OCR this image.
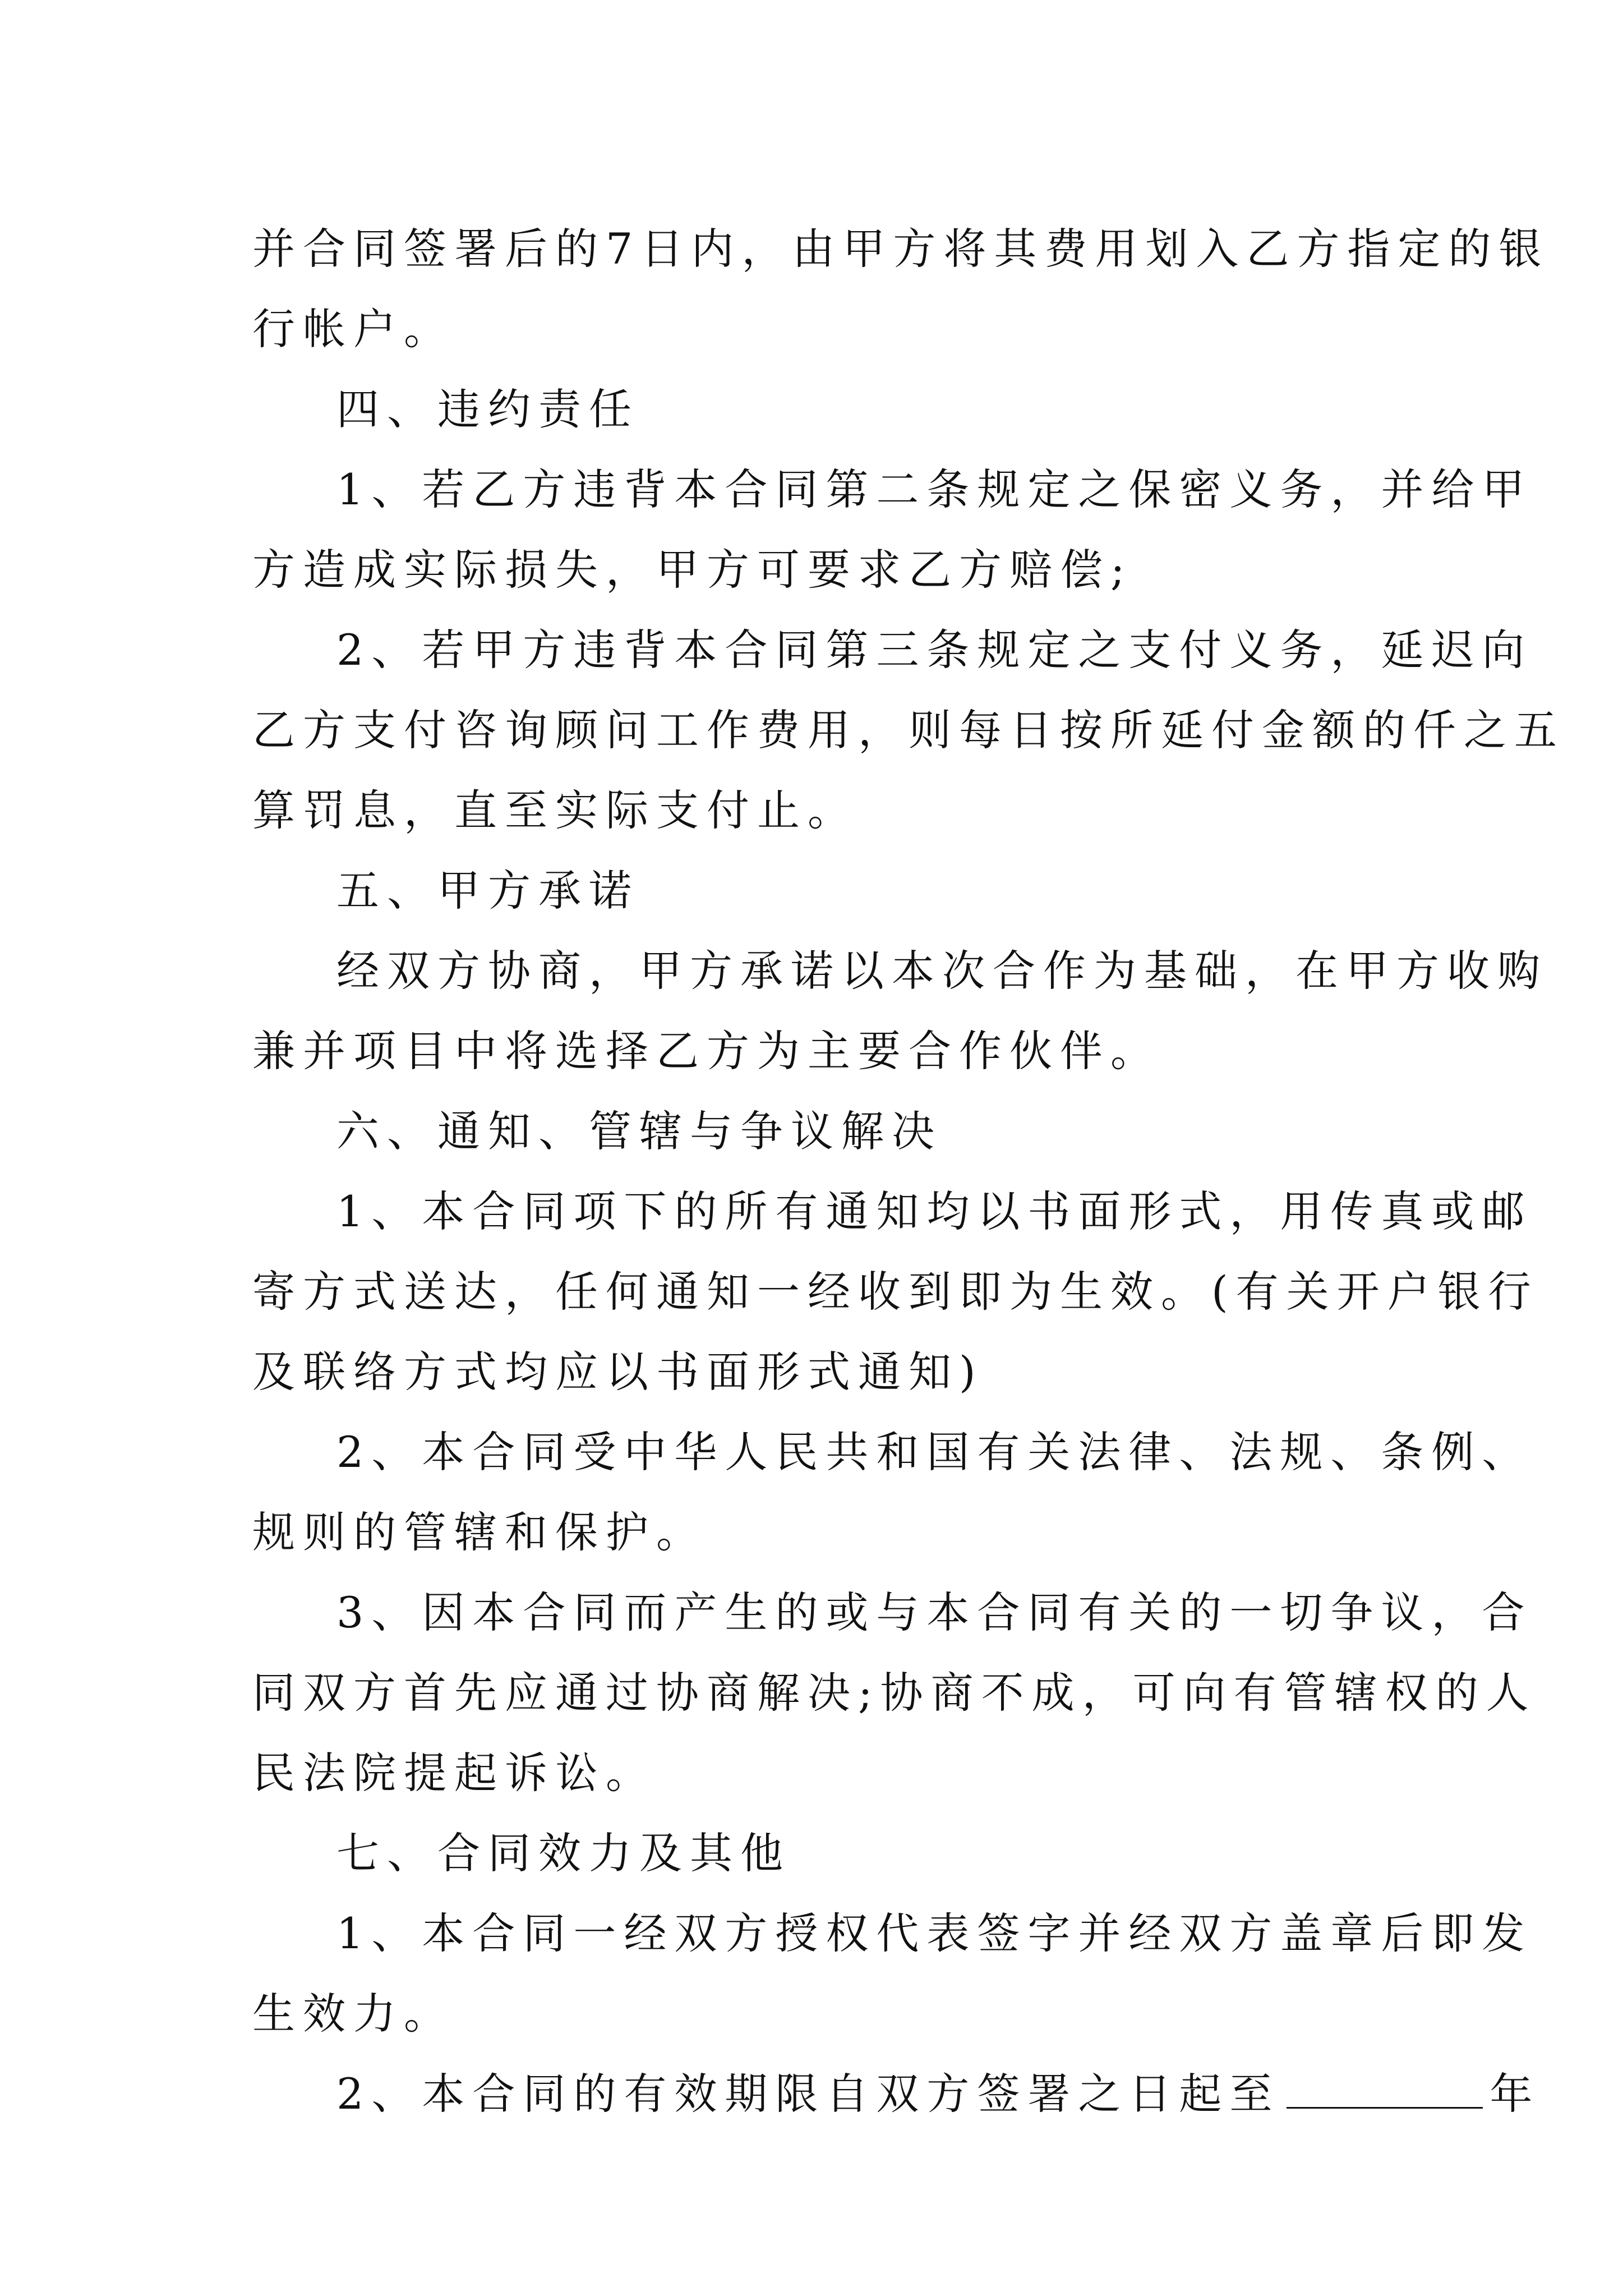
并合同签署后的7日内，由甲方将其费用划入乙方指定的银
行帐户。
四、违约责任
1、若乙方违背本合同第二条规定之保密义务，并给甲
方造成实际损失，甲方可要求乙方赔偿;
2、若甲方违背本合同第三条规定之支付义务，延迟向
乙方支付咨询顾问工作费用，则每日按所延付金额的仟之五
算罚息，直至实际支付止。
五、甲方承诺
经双方协商，甲方承诺以本次合作为基础，在甲方收购
兼并项目中将选择乙方为主要合作伙伴。
六、通知、管辖与争议解决
1、本合同项下的所有通知均以书面形式，用传真或邮
寄方式送达，任何通知一经收到即为生效。(有关开户银行
及联络方式均应以书面形式通知)
2、本合同受中华人民共和国有关法律、法规、条例、
规则的管辖和保护。
3、因本合同而产生的或与本合同有关的一切争议，合
同双方首先应通过协商解决;协商不成，可向有管辖权的人
民法院提起诉讼。
七、合同效力及其他
1、本合同一经双方授权代表签字并经双方盖章后即发
生效力。
2、本合同的有效期限自双方签署之日起至	年
